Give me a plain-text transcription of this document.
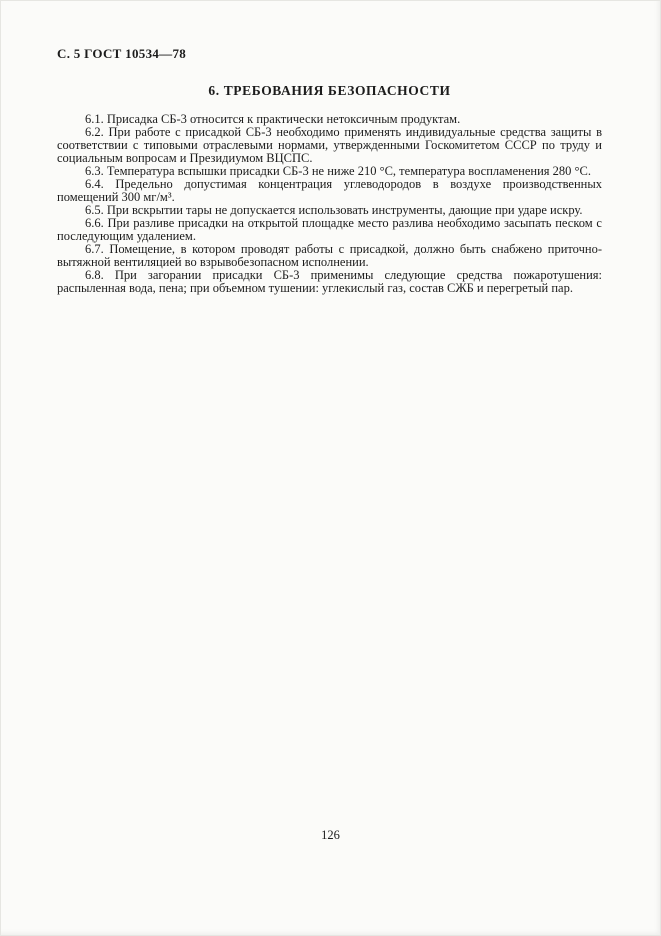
С. 5 ГОСТ 10534—78
6. ТРЕБОВАНИЯ БЕЗОПАСНОСТИ

6.1. Присадка СБ-3 относится к практически нетоксичным продуктам.

6.2. При работе с присадкой СБ-3 необходимо применять индивидуальные средства защиты в соответствии с типовыми отраслевыми нормами, утвержденными Госкомитетом СССР по труду и социальным вопросам и Президиумом ВЦСПС.

6.3. Температура вспышки присадки СБ-3 не ниже 210 °С, температура воспламенения 280 °С.

6.4. Предельно допустимая концентрация углеводородов в воздухе производственных помещений 300 мг/м³.

6.5. При вскрытии тары не допускается использовать инструменты, дающие при ударе искру.

6.6. При разливе присадки на открытой площадке место разлива необходимо засыпать песком с последующим удалением.

6.7. Помещение, в котором проводят работы с присадкой, должно быть снабжено приточно-вытяжной вентиляцией во взрывобезопасном исполнении.

6.8. При загорании присадки СБ-3 применимы следующие средства пожаротушения: распыленная вода, пена; при объемном тушении: углекислый газ, состав СЖБ и перегретый пар.

126
